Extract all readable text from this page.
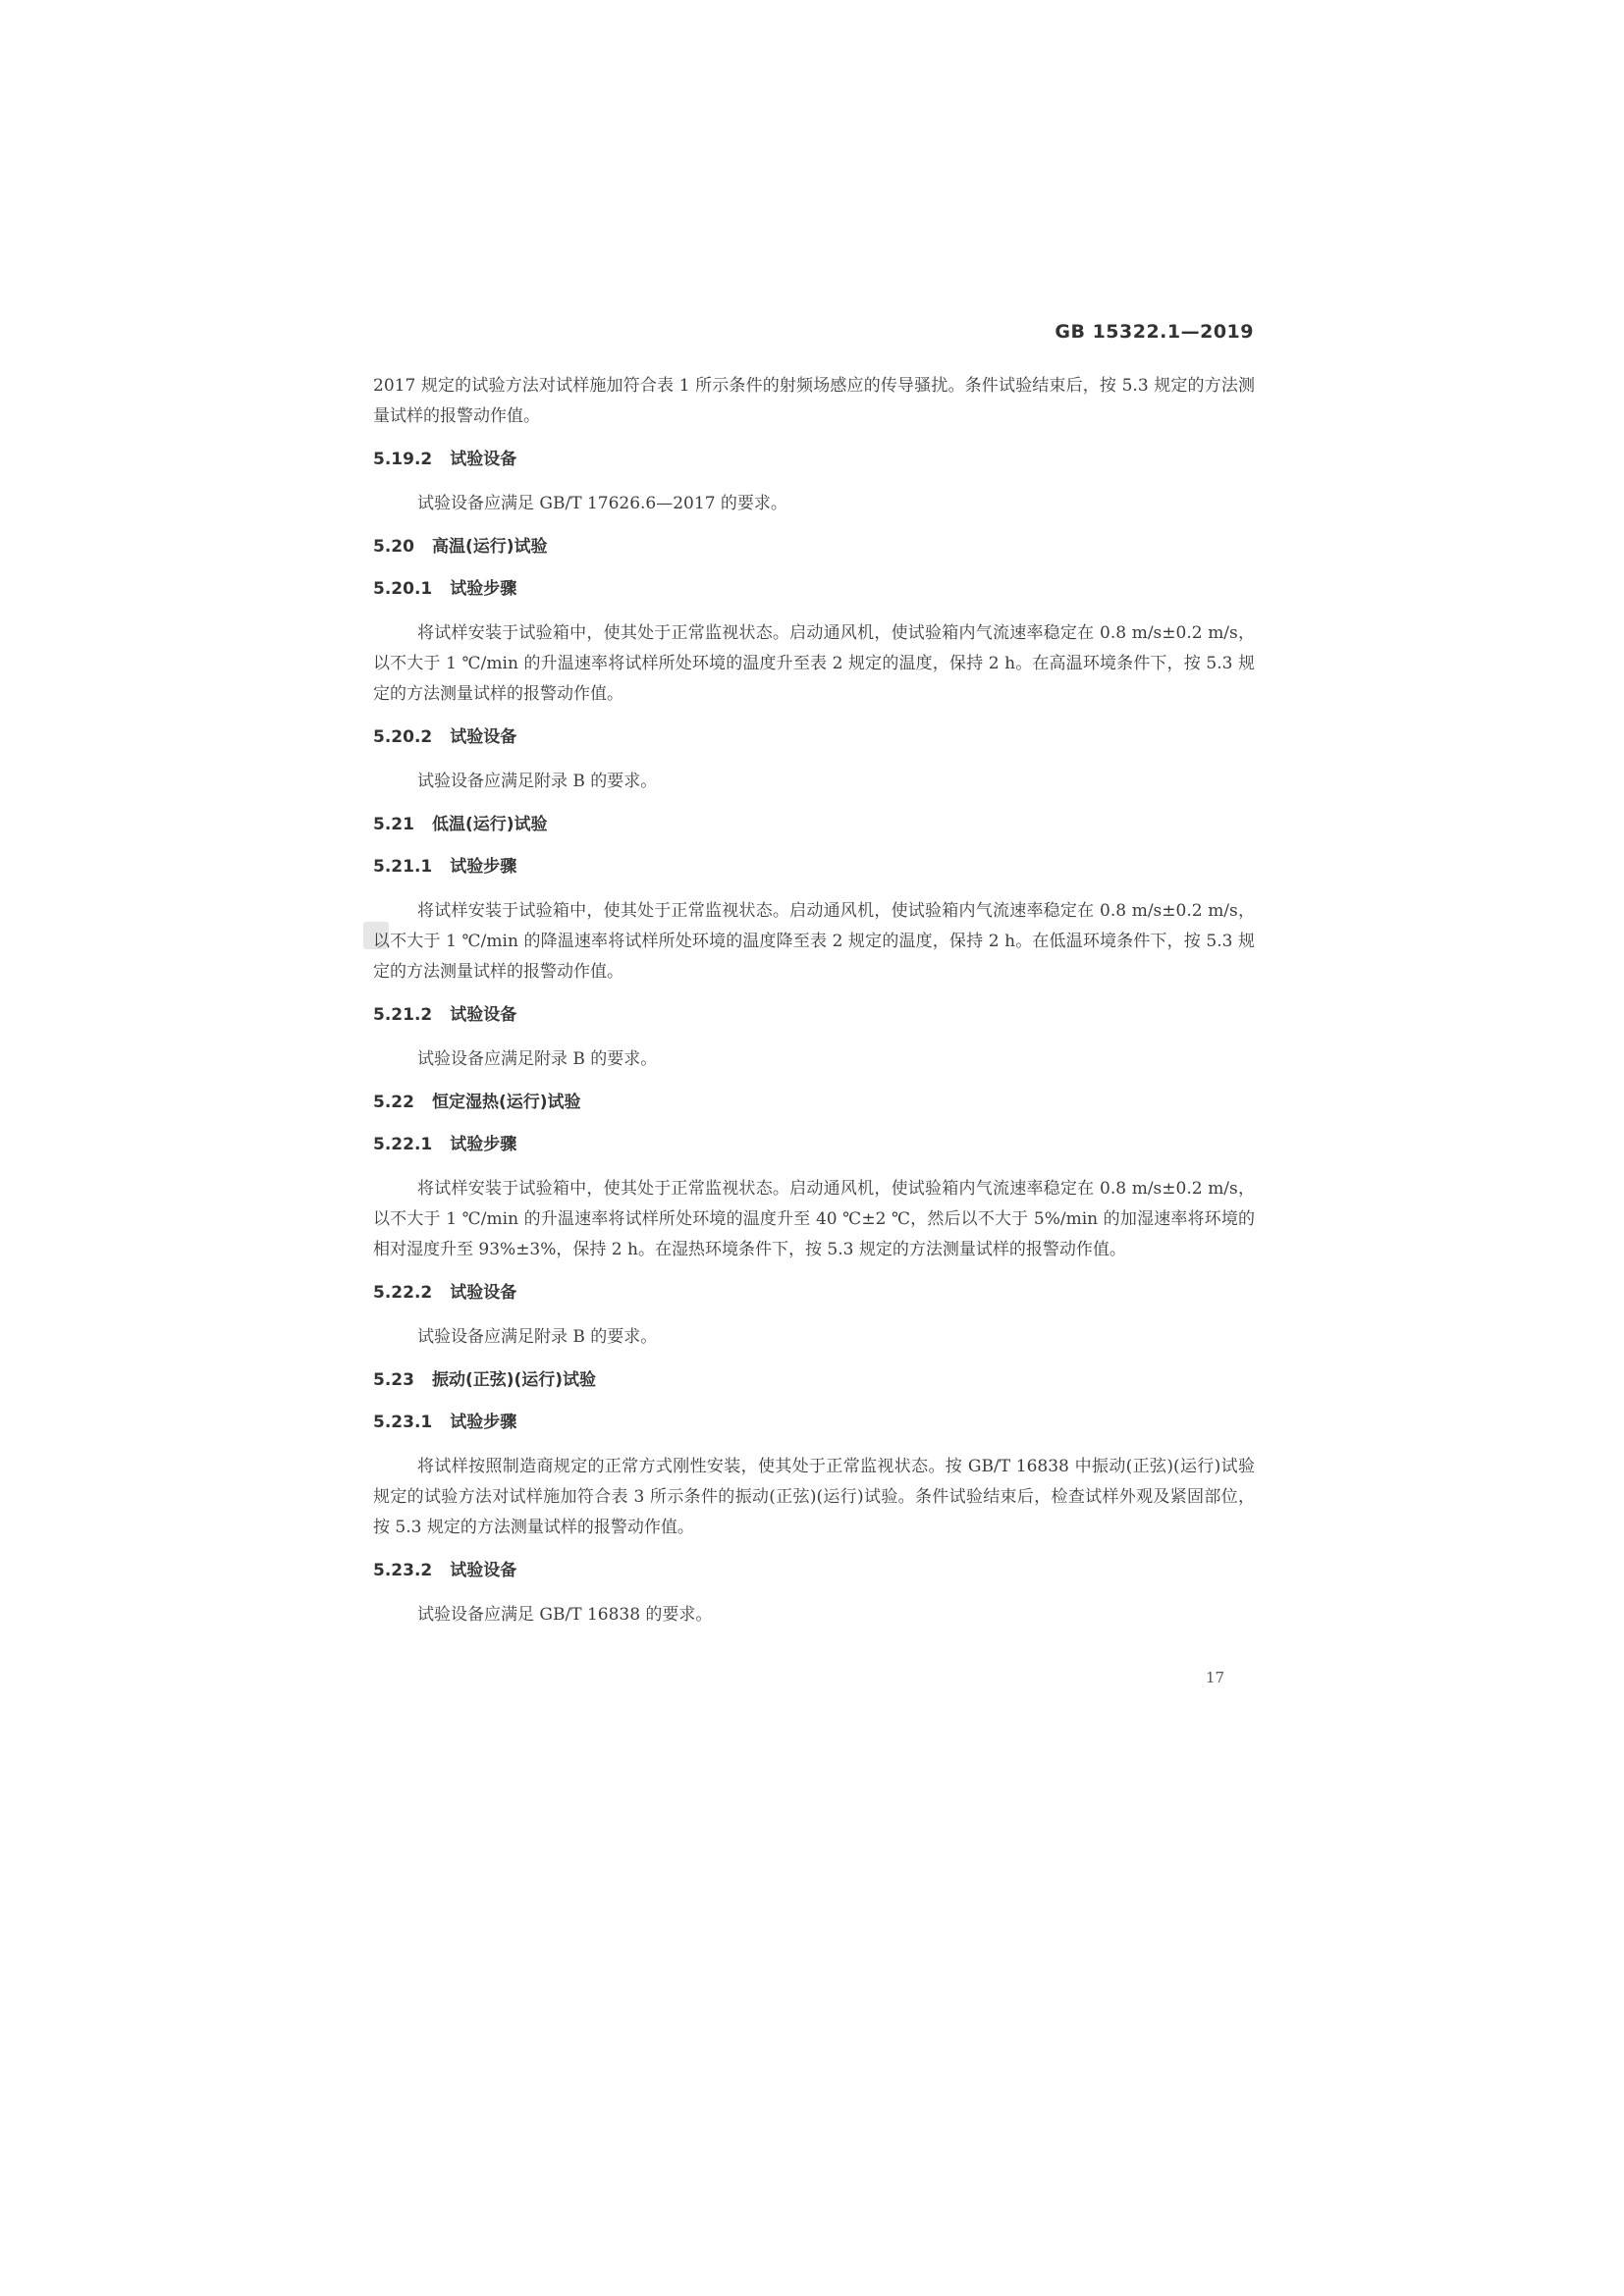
GB 15322.1—2019

2017 规定的试验方法对试样施加符合表 1 所示条件的射频场感应的传导骚扰。条件试验结束后，按 5.3 规定的方法测量试样的报警动作值。

5.19.2 试验设备

试验设备应满足 GB/T 17626.6—2017 的要求。

5.20 高温(运行)试验
5.20.1 试验步骤

将试样安装于试验箱中，使其处于正常监视状态。启动通风机，使试验箱内气流速率稳定在 0.8 m/s±0.2 m/s，以不大于 1 ℃/min 的升温速率将试样所处环境的温度升至表 2 规定的温度，保持 2 h。在高温环境条件下，按 5.3 规定的方法测量试样的报警动作值。

5.20.2 试验设备

试验设备应满足附录 B 的要求。

5.21 低温(运行)试验
5.21.1 试验步骤

将试样安装于试验箱中，使其处于正常监视状态。启动通风机，使试验箱内气流速率稳定在 0.8 m/s±0.2 m/s，以不大于 1 ℃/min 的降温速率将试样所处环境的温度降至表 2 规定的温度，保持 2 h。在低温环境条件下，按 5.3 规定的方法测量试样的报警动作值。

5.21.2 试验设备

试验设备应满足附录 B 的要求。

5.22 恒定湿热(运行)试验
5.22.1 试验步骤

将试样安装于试验箱中，使其处于正常监视状态。启动通风机，使试验箱内气流速率稳定在 0.8 m/s±0.2 m/s，以不大于 1 ℃/min 的升温速率将试样所处环境的温度升至 40 ℃±2 ℃，然后以不大于 5%/min 的加湿速率将环境的相对湿度升至 93%±3%，保持 2 h。在湿热环境条件下，按 5.3 规定的方法测量试样的报警动作值。

5.22.2 试验设备

试验设备应满足附录 B 的要求。

5.23 振动(正弦)(运行)试验
5.23.1 试验步骤

将试样按照制造商规定的正常方式刚性安装，使其处于正常监视状态。按 GB/T 16838 中振动(正弦)(运行)试验规定的试验方法对试样施加符合表 3 所示条件的振动(正弦)(运行)试验。条件试验结束后，检查试样外观及紧固部位，按 5.3 规定的方法测量试样的报警动作值。

5.23.2 试验设备

试验设备应满足 GB/T 16838 的要求。

17
